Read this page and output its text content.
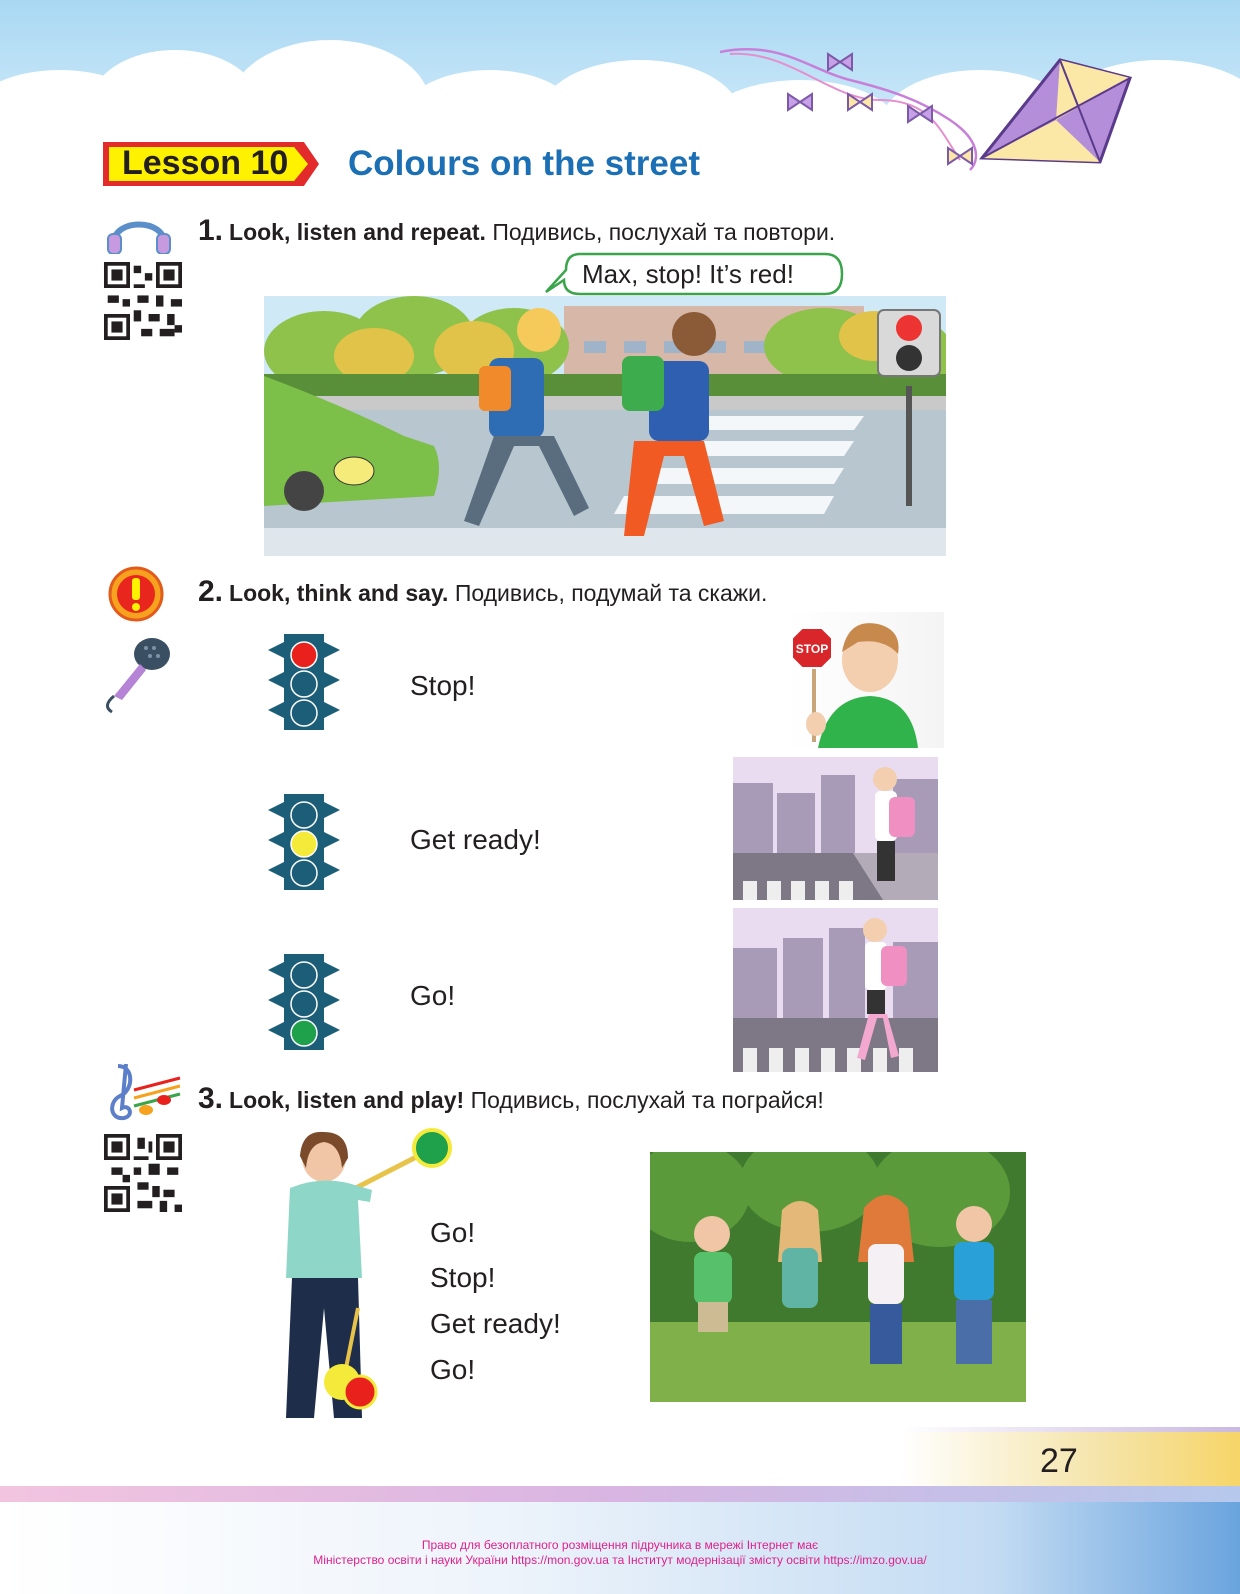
Lesson 10 Colours on the street
1. Look, listen and repeat. Подивись, послухай та повтори.
Max, stop! It’s red!
2. Look, think and say. Подивись, подумай та скажи.
Stop!
Get ready!
Go!
STOP
3. Look, listen and play! Подивись, послухай та пограйся!
Go!
Stop!
Get ready!
Go!
27
Право для безоплатного розміщення підручника в мережі Інтернет має
Міністерство освіти і науки України https://mon.gov.ua та Інститут модернізації змісту освіти https://imzo.gov.ua/
